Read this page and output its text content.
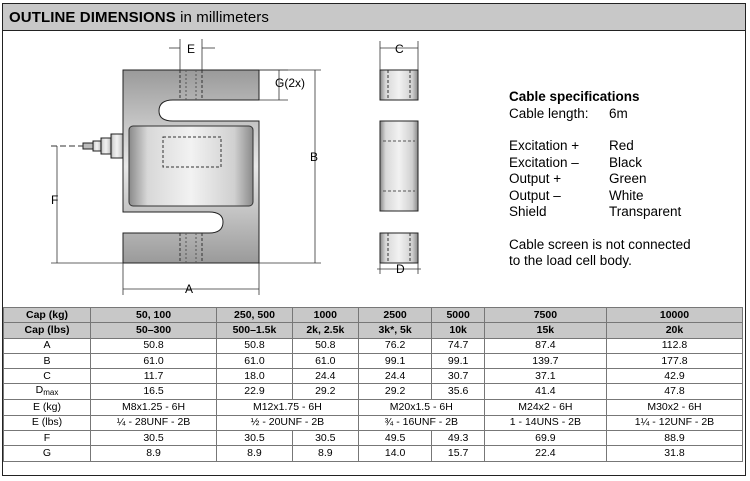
OUTLINE DIMENSIONS in millimeters
E
G(2x)
B
F
A
C
D
Cable specifications
Cable length:	6m
Excitation +	Red
Excitation –	Black
Output +	Green
Output –	White
Shield	Transparent
Cable screen is not connected
to the load cell body.
Cap (kg)	50, 100	250, 500	1000	2500	5000	7500	10000
Cap (lbs)	50–300	500–1.5k	2k, 2.5k	3k*, 5k	10k	15k	20k
A	50.8	50.8	50.8	76.2	74.7	87.4	112.8
B	61.0	61.0	61.0	99.1	99.1	139.7	177.8
C	11.7	18.0	24.4	24.4	30.7	37.1	42.9
$D_{max}$	16.5	22.9	29.2	29.2	35.6	41.4	47.8
E (kg)	M8x1.25 - 6H	M12x1.75 - 6H		M20x1.5 - 6H		M24x2 - 6H	M30x2 - 6H
E (lbs)	¼ - 28UNF - 2B	½ - 20UNF - 2B		¾ - 16UNF - 2B		1 - 14UNS - 2B	1¼ - 12UNF - 2B
F	30.5	30.5	30.5	49.5	49.3	69.9	88.9
G	8.9	8.9	8.9	14.0	15.7	22.4	31.8
